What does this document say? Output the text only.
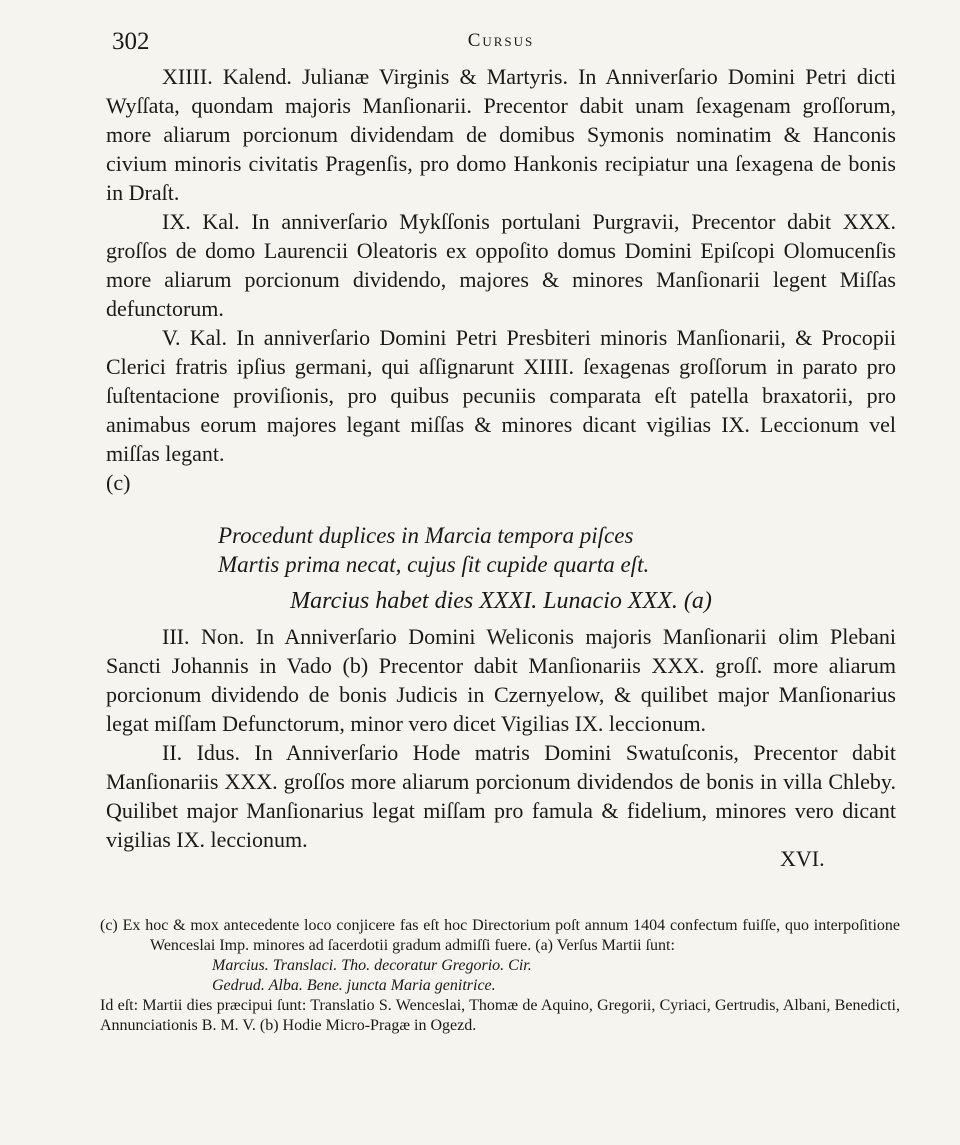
302	Cursus

XIIII. Kalend. Julianæ Virginis & Martyris. In Anniverſario Domini Petri dicti Wyſſata, quondam majoris Manſionarii. Precentor dabit unam ſexagenam groſſorum, more aliarum porcionum dividendam de domibus Symonis nominatim & Hanconis civium minoris civitatis Pragenſis, pro domo Hankonis recipiatur una ſexagena de bonis in Draſt.

IX. Kal. In anniverſario Mykſſonis portulani Purgravii, Precentor dabit XXX. groſſos de domo Laurencii Oleatoris ex oppoſito domus Domini Epiſcopi Olomucenſis more aliarum porcionum dividendo, majores & minores Manſionarii legent Miſſas defunctorum.

V. Kal. In anniverſario Domini Petri Presbiteri minoris Manſionarii, & Procopii Clerici fratris ipſius germani, qui aſſignarunt XIIII. ſexagenas groſſorum in parato pro ſuſtentacione proviſionis, pro quibus pecuniis comparata eſt patella braxatorii, pro animabus eorum majores legant miſſas & minores dicant vigilias IX. Leccionum vel miſſas legant.

(c)

Procedunt duplices in Marcia tempora piſces
Martis prima necat, cujus ſit cupide quarta eſt.
Marcius habet dies XXXI. Lunacio XXX. (a)

III. Non. In Anniverſario Domini Weliconis majoris Manſionarii olim Plebani Sancti Johannis in Vado (b) Precentor dabit Manſionariis XXX. groſſ. more aliarum porcionum dividendo de bonis Judicis in Czernyelow, & quilibet major Manſionarius legat miſſam Defunctorum, minor vero dicet Vigilias IX. leccionum.

II. Idus. In Anniverſario Hode matris Domini Swatuſconis, Precentor dabit Manſionariis XXX. groſſos more aliarum porcionum dividendos de bonis in villa Chleby. Quilibet major Manſionarius legat miſſam pro famula & fidelium, minores vero dicant vigilias IX. leccionum.

XVI.

(c) Ex hoc & mox antecedente loco conjicere fas eſt hoc Directorium poſt annum 1404 confectum fuiſſe, quo interpoſitione Wenceslai Imp. minores ad ſacerdotii gradum admiſſi fuere. (a) Verſus Martii ſunt:

Marcius. Translaci. Tho. decoratur Gregorio. Cir.
Gedrud. Alba. Bene. juncta Maria genitrice.

Id eſt: Martii dies præcipui ſunt: Translatio S. Wenceslai, Thomæ de Aquino, Gregorii, Cyriaci, Gertrudis, Albani, Benedicti, Annunciationis B. M. V. (b) Hodie Micro-Pragæ in Ogezd.
